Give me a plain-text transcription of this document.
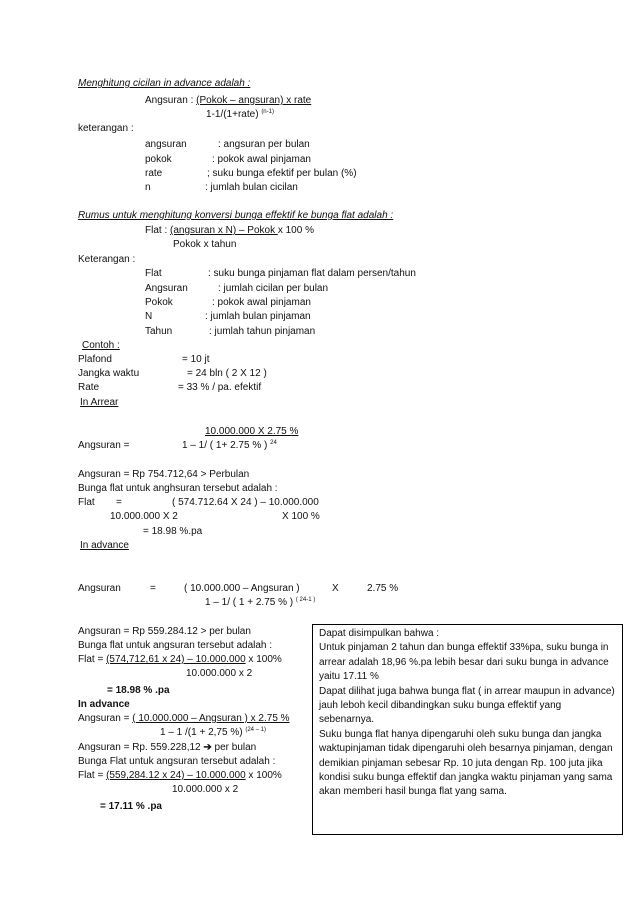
Menghitung cicilan in advance adalah :
Angsuran : (Pokok – angsuran) x rate
1-1/(1+rate) $^{(n-1)}$
keterangan :
angsuran	: angsuran per bulan
pokok	: pokok awal pinjaman
rate	; suku bunga efektif per bulan (%)
n	: jumlah bulan cicilan
Rumus untuk menghitung konversi bunga effektif ke bunga flat adalah :
Flat : (angsuran x N) – Pokok x 100 %
Pokok x tahun
Keterangan :
Flat	: suku bunga pinjaman flat dalam persen/tahun
Angsuran	: jumlah cicilan per bulan
Pokok	: pokok awal pinjaman
N	: jumlah bulan pinjaman
Tahun	: jumlah tahun pinjaman
Contoh :
Plafond	= 10 jt
Jangka waktu	= 24 bln ( 2 X 12 )
Rate	= 33 % / pa. efektif
In Arrear
10.000.000 X 2.75 %
Angsuran =	1 – 1/ ( 1+ 2.75 % ) $^{24}$
Angsuran = Rp 754.712,64 > Perbulan
Bunga flat untuk anghsuran tersebut adalah :
Flat =	( 574.712.64 X 24 ) – 10.000.000
10.000.000 X 2	X 100 %
= 18.98 %.pa
In advance
Angsuran	=	( 10.000.000 – Angsuran )	X	2.75 %
1 – 1/ ( 1 + 2.75 % ) $^{( 24-1 )}$
Angsuran = Rp 559.284.12 > per bulan
Bunga flat untuk angsuran tersebut adalah :
Flat = (574,712,61 x 24) – 10.000.000 x 100%
10.000.000 x 2
= 18.98 % .pa
In advance
Angsuran = ( 10.000.000 – Angsuran ) x 2.75 %
1 – 1 /(1 + 2,75 %) $^{(24 - 1)}$
Angsuran = Rp. 559.228,12 ➔ per bulan
Bunga Flat untuk angsuran tersebut adalah :
Flat = (559,284.12 x 24) – 10.000.000 x 100%
10.000.000 x 2
= 17.11 % .pa

Dapat disimpulkan bahwa :

Untuk pinjaman 2 tahun dan bunga effektif 33%pa, suku bunga in arrear adalah 18,96 %.pa lebih besar dari suku bunga in advance yaitu 17.11 %

Dapat dilihat juga bahwa bunga flat ( in arrear maupun in advance) jauh leboh kecil dibandingkan suku bunga effektif yang sebenarnya.

Suku bunga flat hanya dipengaruhi oleh suku bunga dan jangka waktupinjaman tidak dipengaruhi oleh besarnya pinjaman, dengan demikian pinjaman sebesar Rp. 10 juta dengan Rp. 100 juta jika kondisi suku bunga effektif dan jangka waktu pinjaman yang sama akan memberi hasil bunga flat yang sama.
